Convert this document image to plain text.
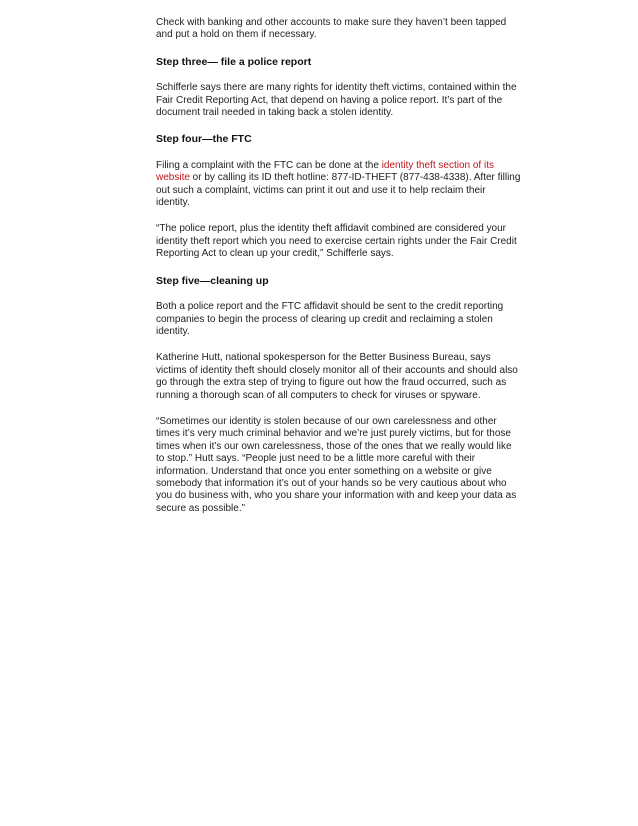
Check with banking and other accounts to make sure they haven’t been tapped and put a hold on them if necessary.

Step three— file a police report

Schifferle says there are many rights for identity theft victims, contained within the Fair Credit Reporting Act, that depend on having a police report. It’s part of the document trail needed in taking back a stolen identity.

Step four—the FTC

Filing a complaint with the FTC can be done at the identity theft section of its website or by calling its ID theft hotline: 877-ID-THEFT (877-438-4338). After filling out such a complaint, victims can print it out and use it to help reclaim their identity.

“The police report, plus the identity theft affidavit combined are considered your identity theft report which you need to exercise certain rights under the Fair Credit Reporting Act to clean up your credit,” Schifferle says.

Step five—cleaning up

Both a police report and the FTC affidavit should be sent to the credit reporting companies to begin the process of clearing up credit and reclaiming a stolen identity.

Katherine Hutt, national spokesperson for the Better Business Bureau, says victims of identity theft should closely monitor all of their accounts and should also go through the extra step of trying to figure out how the fraud occurred, such as running a thorough scan of all computers to check for viruses or spyware.

“Sometimes our identity is stolen because of our own carelessness and other times it’s very much criminal behavior and we’re just purely victims, but for those times when it’s our own carelessness, those of the ones that we really would like to stop.” Hutt says. “People just need to be a little more careful with their information. Understand that once you enter something on a website or give somebody that information it’s out of your hands so be very cautious about who you do business with, who you share your information with and keep your data as secure as possible.”
